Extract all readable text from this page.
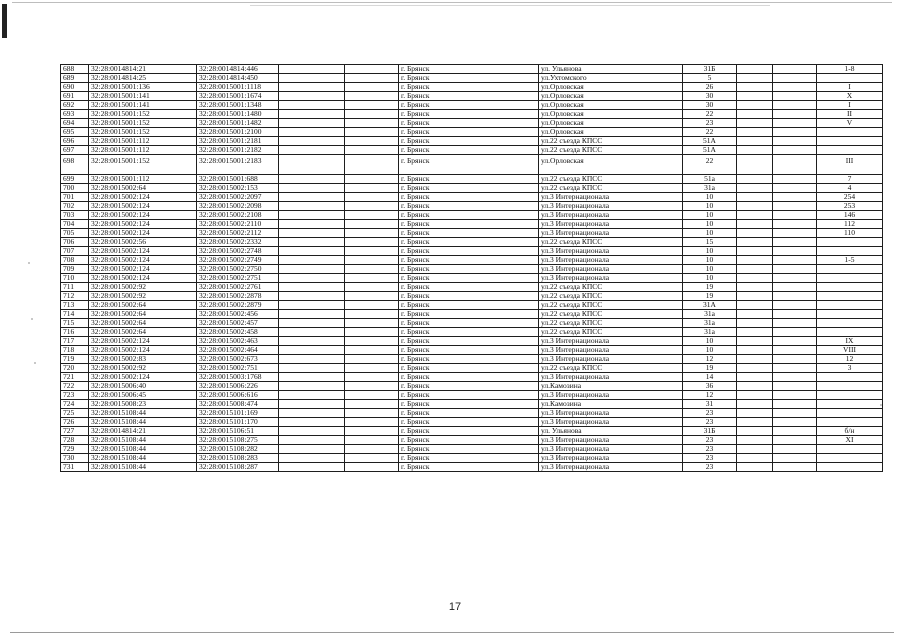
688	32:28:0014814:21	32:28:0014814:446			г. Брянск	ул. Ульянова	31Б			1-8
689	32:28:0014814:25	32:28:0014814:450			г. Брянск	ул.Ухтомского	5			
690	32:28:0015001:136	32:28:0015001:1118			г. Брянск	ул.Орловская	26			I
691	32:28:0015001:141	32:28:0015001:1674			г. Брянск	ул.Орловская	30			X
692	32:28:0015001:141	32:28:0015001:1348			г. Брянск	ул.Орловская	30			I
693	32:28:0015001:152	32:28:0015001:1480			г. Брянск	ул.Орловская	22			II
694	32:28:0015001:152	32:28:0015001:1482			г. Брянск	ул.Орловская	23			V
695	32:28:0015001:152	32:28:0015001:2100			г. Брянск	ул.Орловская	22			
696	32:28:0015001:112	32:28:0015001:2181			г. Брянск	ул.22 съезда КПСС	51А			
697	32:28:0015001:112	32:28:0015001:2182			г. Брянск	ул.22 съезда КПСС	51А			
698	32:28:0015001:152	32:28:0015001:2183			г. Брянск	ул.Орловская	22			III
699	32:28:0015001:112	32:28:0015001:688			г. Брянск	ул.22 съезда КПСС	51а			7
700	32:28:0015002:64	32:28:0015002:153			г. Брянск	ул.22 съезда КПСС	31а			4
701	32:28:0015002:124	32:28:0015002:2097			г. Брянск	ул.3 Интернационала	10			254
702	32:28:0015002:124	32:28:0015002:2098			г. Брянск	ул.3 Интернационала	10			253
703	32:28:0015002:124	32:28:0015002:2108			г. Брянск	ул.3 Интернационала	10			146
704	32:28:0015002:124	32:28:0015002:2110			г. Брянск	ул.3 Интернационала	10			112
705	32:28:0015002:124	32:28:0015002:2112			г. Брянск	ул.3 Интернационала	10			110
706	32:28:0015002:56	32:28:0015002:2332			г. Брянск	ул.22 съезда КПСС	15			
707	32:28:0015002:124	32:28:0015002:2748			г. Брянск	ул.3 Интернационала	10			
708	32:28:0015002:124	32:28:0015002:2749			г. Брянск	ул.3 Интернационала	10			1-5
709	32:28:0015002:124	32:28:0015002:2750			г. Брянск	ул.3 Интернационала	10			
710	32:28:0015002:124	32:28:0015002:2751			г. Брянск	ул.3 Интернационала	10			
711	32:28:0015002:92	32:28:0015002:2761			г. Брянск	ул.22 съезда КПСС	19			
712	32:28:0015002:92	32:28:0015002:2878			г. Брянск	ул.22 съезда КПСС	19			
713	32:28:0015002:64	32:28:0015002:2879			г. Брянск	ул.22 съезда КПСС	31А			
714	32:28:0015002:64	32:28:0015002:456			г. Брянск	ул.22 съезда КПСС	31а			
715	32:28:0015002:64	32:28:0015002:457			г. Брянск	ул.22 съезда КПСС	31а			
716	32:28:0015002:64	32:28:0015002:458			г. Брянск	ул.22 съезда КПСС	31а			
717	32:28:0015002:124	32:28:0015002:463			г. Брянск	ул.3 Интернационала	10			IX
718	32:28:0015002:124	32:28:0015002:464			г. Брянск	ул.3 Интернационала	10			VIII
719	32:28:0015002:83	32:28:0015002:673			г. Брянск	ул.3 Интернационала	12			12
720	32:28:0015002:92	32:28:0015002:751			г. Брянск	ул.22 съезда КПСС	19			3
721	32:28:0015002:124	32:28:0015003:1768			г. Брянск	ул.3 Интернационала	14			
722	32:28:0015006:40	32:28:0015006:226			г. Брянск	ул.Камозина	36			
723	32:28:0015006:45	32:28:0015006:616			г. Брянск	ул.3 Интернационала	12			
724	32:28:0015008:23	32:28:0015008:474			г. Брянск	ул.Камозина	31			
725	32:28:0015108:44	32:28:0015101:169			г. Брянск	ул.3 Интернационала	23			
726	32:28:0015108:44	32:28:0015101:170			г. Брянск	ул.3 Интернационала	23			
727	32:28:0014814:21	32:28:0015106:51			г. Брянск	ул. Ульянова	31Б			б/н
728	32:28:0015108:44	32:28:0015108:275			г. Брянск	ул.3 Интернационала	23			XI
729	32:28:0015108:44	32:28:0015108:282			г. Брянск	ул.3 Интернационала	23			
730	32:28:0015108:44	32:28:0015108:283			г. Брянск	ул.3 Интернационала	23			
731	32:28:0015108:44	32:28:0015108:287			г. Брянск	ул.3 Интернационала	23			
17
